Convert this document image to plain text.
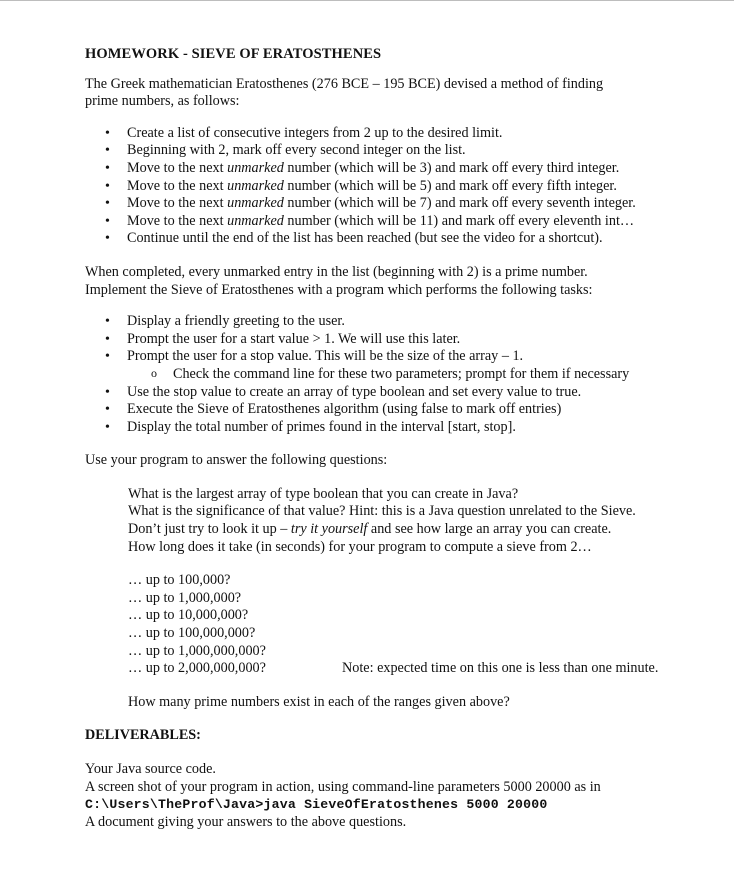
HOMEWORK - SIEVE OF ERATOSTHENES

The Greek mathematician Eratosthenes (276 BCE – 195 BCE) devised a method of finding
prime numbers, as follows:

• Create a list of consecutive integers from 2 up to the desired limit.
• Beginning with 2, mark off every second integer on the list.
• Move to the next unmarked number (which will be 3) and mark off every third integer.
• Move to the next unmarked number (which will be 5) and mark off every fifth integer.
• Move to the next unmarked number (which will be 7) and mark off every seventh integer.
• Move to the next unmarked number (which will be 11) and mark off every eleventh int…
• Continue until the end of the list has been reached (but see the video for a shortcut).

When completed, every unmarked entry in the list (beginning with 2) is a prime number.
Implement the Sieve of Eratosthenes with a program which performs the following tasks:

• Display a friendly greeting to the user.
• Prompt the user for a start value > 1. We will use this later.
• Prompt the user for a stop value. This will be the size of the array – 1.
o Check the command line for these two parameters; prompt for them if necessary
• Use the stop value to create an array of type boolean and set every value to true.
• Execute the Sieve of Eratosthenes algorithm (using false to mark off entries)
• Display the total number of primes found in the interval [start, stop].

Use your program to answer the following questions:

What is the largest array of type boolean that you can create in Java?
What is the significance of that value? Hint: this is a Java question unrelated to the Sieve.
Don’t just try to look it up – try it yourself and see how large an array you can create.
How long does it take (in seconds) for your program to compute a sieve from 2…
… up to 100,000?
… up to 1,000,000?
… up to 10,000,000?
… up to 100,000,000?
… up to 1,000,000,000?
… up to 2,000,000,000?	Note: expected time on this one is less than one minute.
How many prime numbers exist in each of the ranges given above?

DELIVERABLES:

Your Java source code.
A screen shot of your program in action, using command-line parameters 5000 20000 as in
C:\Users\TheProf\Java>java SieveOfEratosthenes 5000 20000
A document giving your answers to the above questions.
